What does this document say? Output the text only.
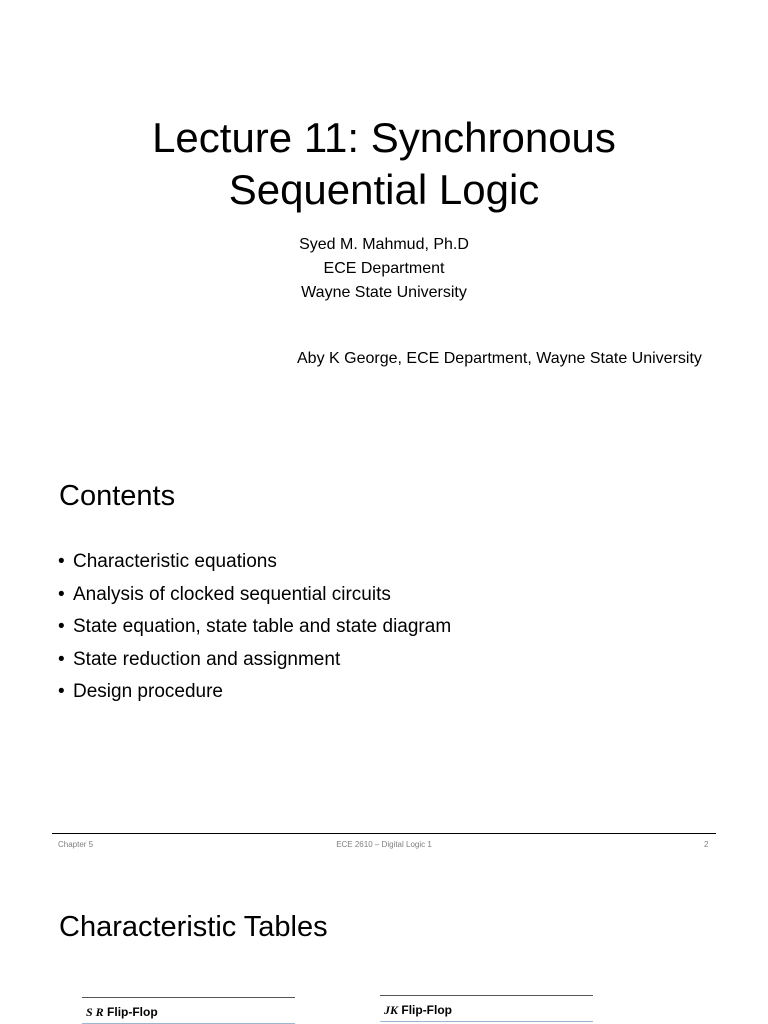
Lecture 11: Synchronous
Sequential Logic
Syed M. Mahmud, Ph.D
ECE Department
Wayne State University
Aby K George, ECE Department, Wayne State University
Contents
• Characteristic equations
• Analysis of clocked sequential circuits
• State equation, state table and state diagram
• State reduction and assignment
• Design procedure
Chapter 5	ECE 2610 – Digital Logic 1	2
Characteristic Tables
S R Flip-Flop	JK Flip-Flop
